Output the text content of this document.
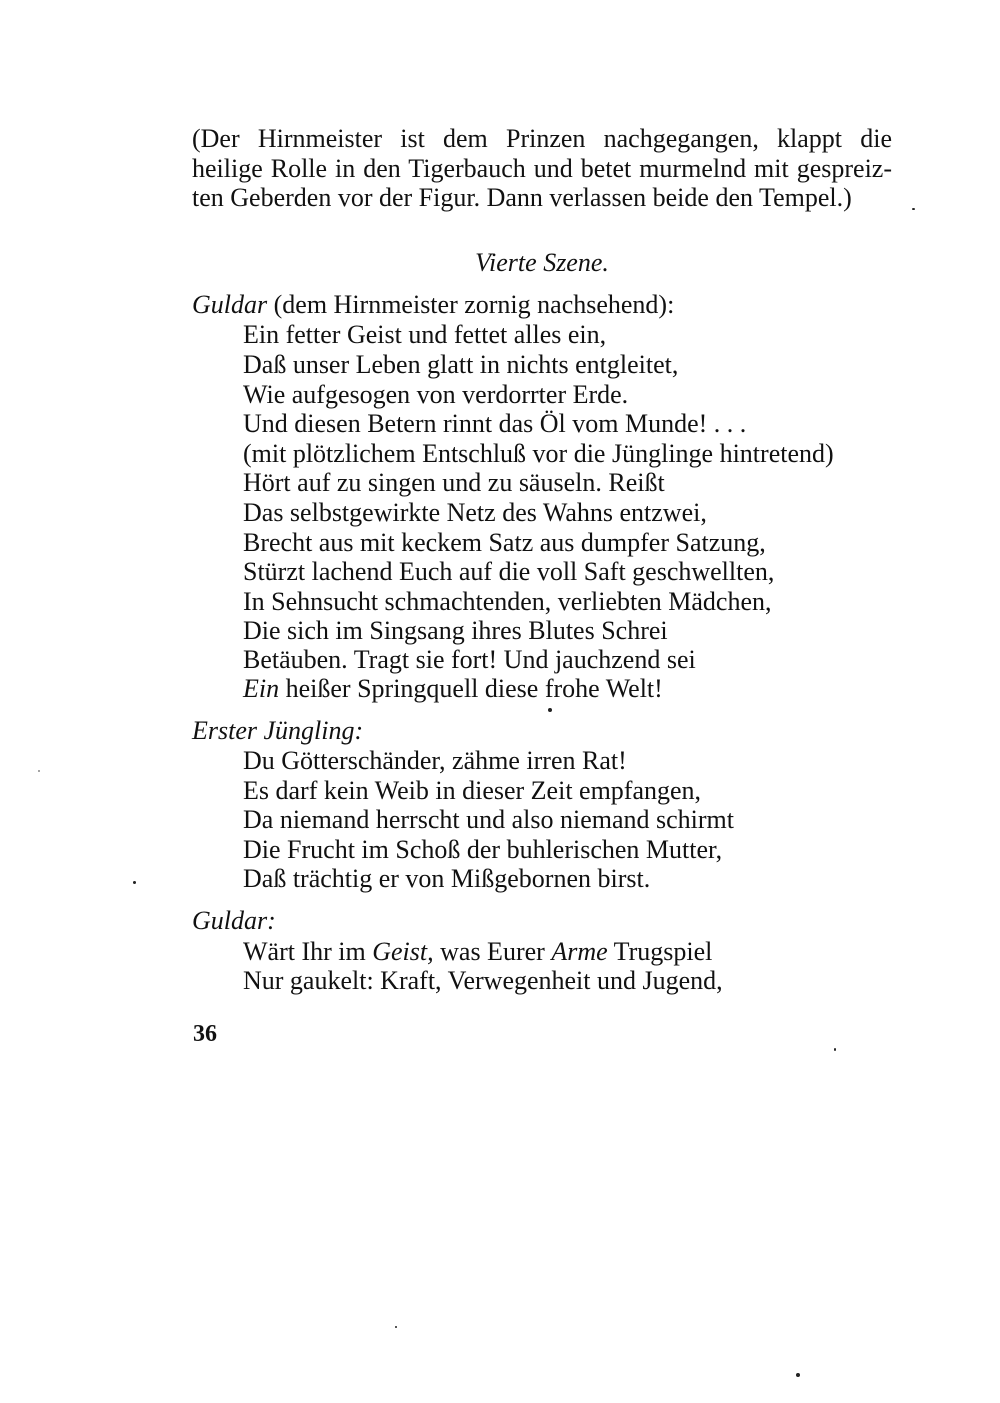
(Der Hirnmeister ist dem Prinzen nachgegangen, klappt die
heilige Rolle in den Tigerbauch und betet murmelnd mit gespreiz-
ten Geberden vor der Figur. Dann verlassen beide den Tempel.)
Vierte Szene.
Guldar (dem Hirnmeister zornig nachsehend):
Ein fetter Geist und fettet alles ein,
Daß unser Leben glatt in nichts entgleitet,
Wie aufgesogen von verdorrter Erde.
Und diesen Betern rinnt das Öl vom Munde! . . .
(mit plötzlichem Entschluß vor die Jünglinge hintretend)
Hört auf zu singen und zu säuseln. Reißt
Das selbstgewirkte Netz des Wahns entzwei,
Brecht aus mit keckem Satz aus dumpfer Satzung,
Stürzt lachend Euch auf die voll Saft geschwellten,
In Sehnsucht schmachtenden, verliebten Mädchen,
Die sich im Singsang ihres Blutes Schrei
Betäuben. Tragt sie fort! Und jauchzend sei
Ein heißer Springquell diese frohe Welt!
Erster Jüngling:
Du Götterschänder, zähme irren Rat!
Es darf kein Weib in dieser Zeit empfangen,
Da niemand herrscht und also niemand schirmt
Die Frucht im Schoß der buhlerischen Mutter,
Daß trächtig er von Mißgebornen birst.
Guldar:
Wärt Ihr im Geist, was Eurer Arme Trugspiel
Nur gaukelt: Kraft, Verwegenheit und Jugend,
36
